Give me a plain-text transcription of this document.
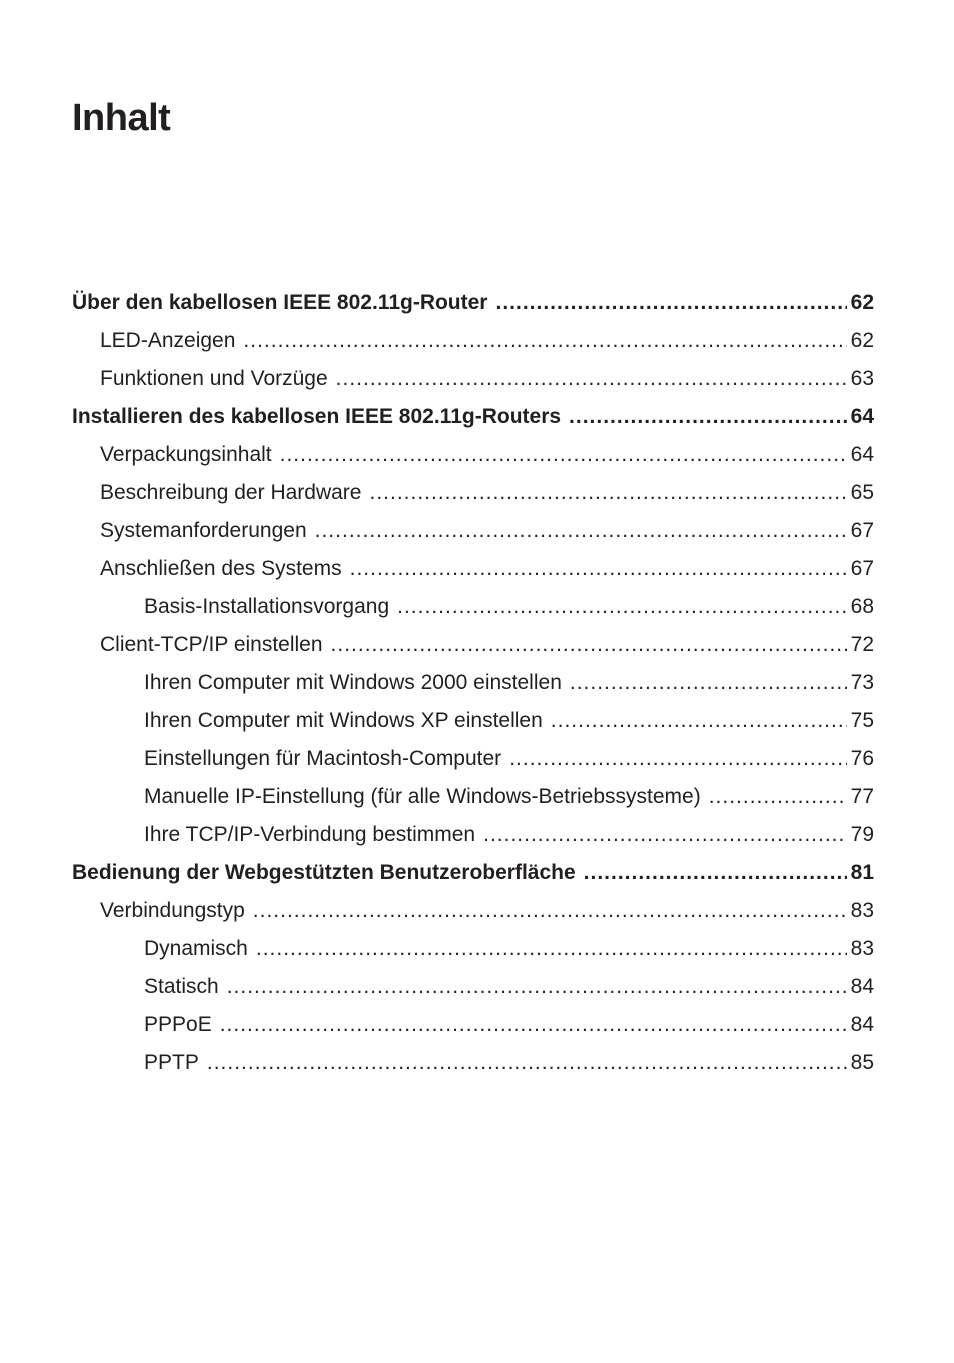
Inhalt
Über den kabellosen IEEE 802.11g-Router .....	62
LED-Anzeigen .....	62
Funktionen und Vorzüge .....	63
Installieren des kabellosen IEEE 802.11g-Routers .....	64
Verpackungsinhalt .....	64
Beschreibung der Hardware .....	65
Systemanforderungen .....	67
Anschließen des Systems .....	67
Basis-Installationsvorgang .....	68
Client-TCP/IP einstellen .....	72
Ihren Computer mit Windows 2000 einstellen .....	73
Ihren Computer mit Windows XP einstellen .....	75
Einstellungen für Macintosh-Computer .....	76
Manuelle IP-Einstellung (für alle Windows-Betriebssysteme) .....	77
Ihre TCP/IP-Verbindung bestimmen .....	79
Bedienung der Webgestützten Benutzeroberfläche .....	81
Verbindungstyp .....	83
Dynamisch .....	83
Statisch .....	84
PPPoE .....	84
PPTP .....	85
